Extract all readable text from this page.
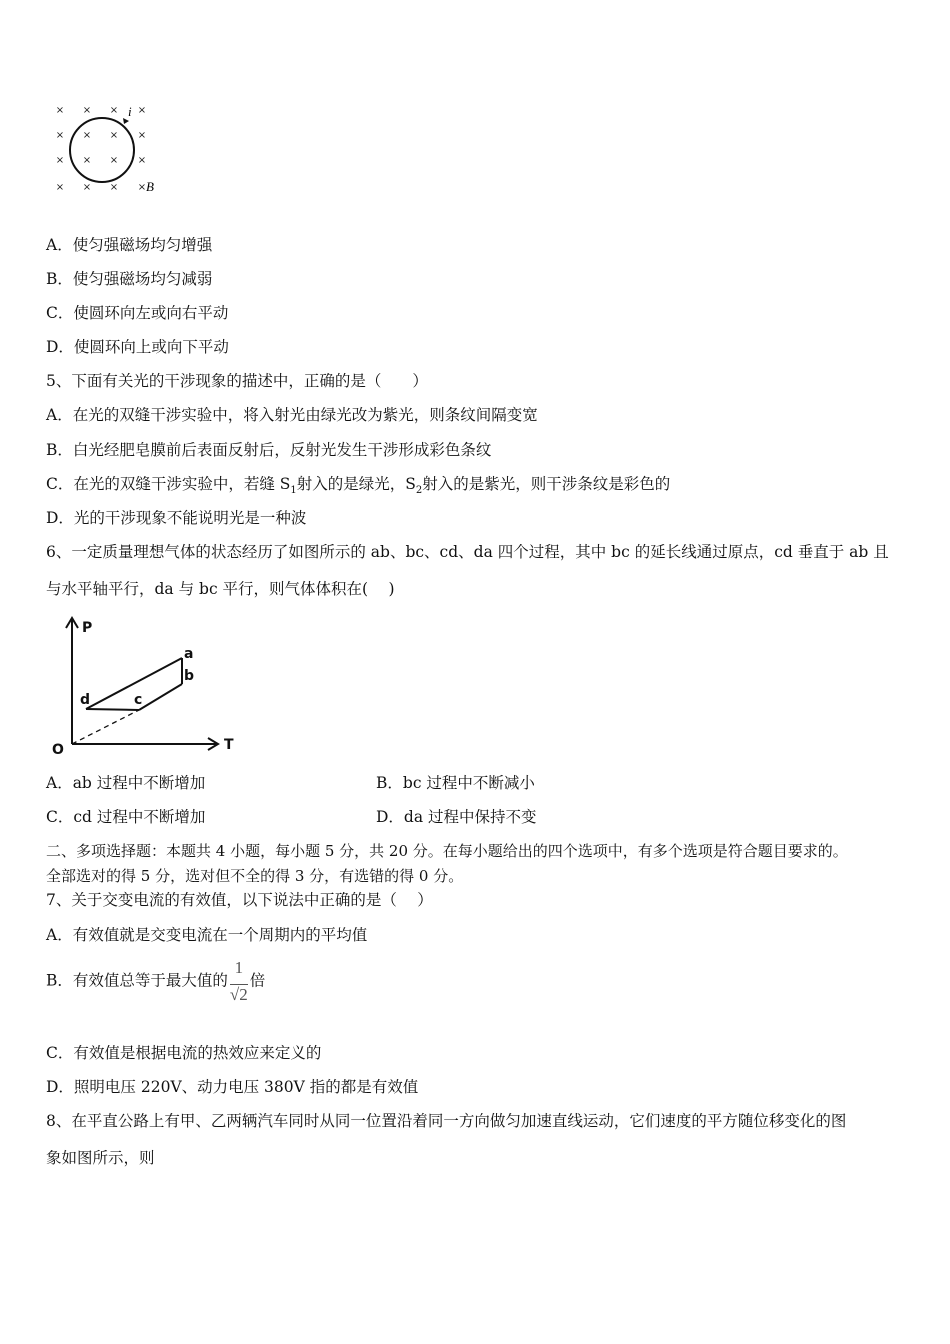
× × × ×
× × × ×
× × × ×
× × × ×
i
B
A．使匀强磁场均匀增强
B．使匀强磁场均匀减弱
C．使圆环向左或向右平动
D．使圆环向上或向下平动
5、下面有关光的干涉现象的描述中，正确的是（　　）
A．在光的双缝干涉实验中，将入射光由绿光改为紫光，则条纹间隔变宽
B．白光经肥皂膜前后表面反射后，反射光发生干涉形成彩色条纹
C．在光的双缝干涉实验中，若缝 $S_1$射入的是绿光，$S_2$射入的是紫光，则干涉条纹是彩色的
D．光的干涉现象不能说明光是一种波
6、一定质量理想气体的状态经历了如图所示的 ab、bc、cd、da 四个过程，其中 bc 的延长线通过原点，cd 垂直于 ab 且
与水平轴平行，da 与 bc 平行，则气体体积在(　 )
P
T
O
a
b
c
d
A．ab 过程中不断增加	B．bc 过程中不断减小
C．cd 过程中不断增加	D．da 过程中保持不变
二、多项选择题：本题共 4 小题，每小题 5 分，共 20 分。在每小题给出的四个选项中，有多个选项是符合题目要求的。
全部选对的得 5 分，选对但不全的得 3 分，有选错的得 0 分。
7、关于交变电流的有效值，以下说法中正确的是（　 ）
A．有效值就是交变电流在一个周期内的平均值
B．有效值总等于最大值的 $\frac{1}{√2}$ 倍
C．有效值是根据电流的热效应来定义的
D．照明电压 220V、动力电压 380V 指的都是有效值
8、在平直公路上有甲、乙两辆汽车同时从同一位置沿着同一方向做匀加速直线运动，它们速度的平方随位移变化的图
象如图所示，则
